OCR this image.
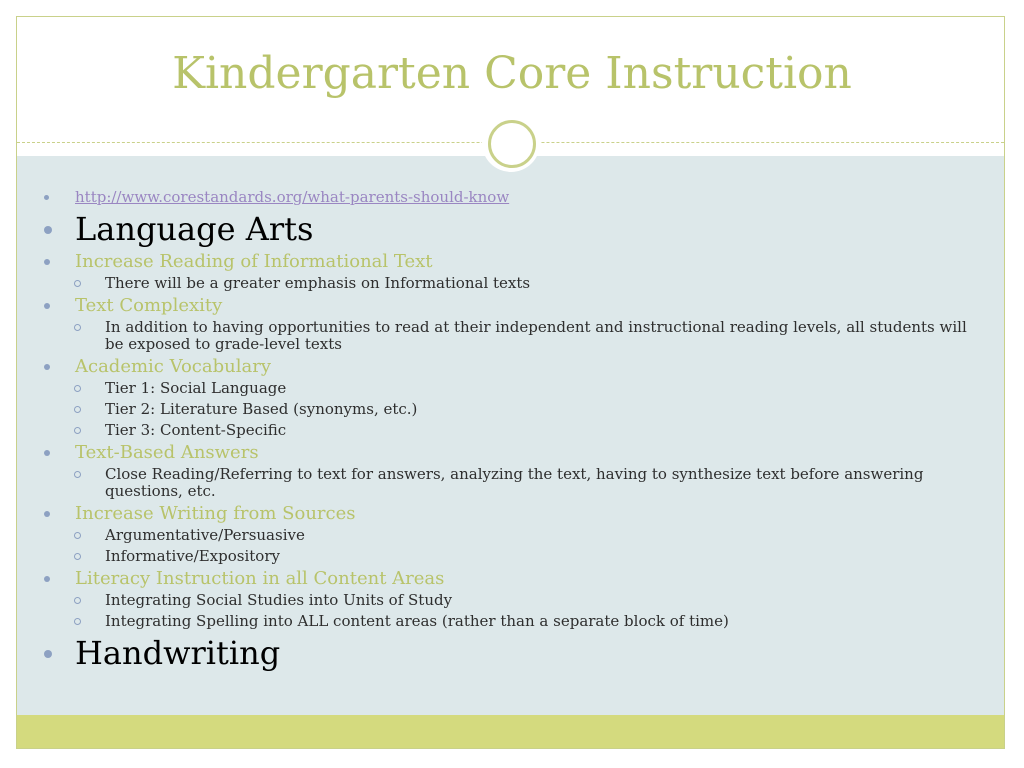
Kindergarten Core Instruction
http://www.corestandards.org/what-parents-should-know
Language Arts
Increase Reading of Informational Text
There will be a greater emphasis on Informational texts
Text Complexity
In addition to having opportunities to read at their independent and instructional reading levels, all students will be exposed to grade-level texts
Academic Vocabulary
Tier 1: Social Language
Tier 2: Literature Based (synonyms, etc.)
Tier 3: Content-Specific
Text-Based Answers
Close Reading/Referring to text for answers, analyzing the text, having to synthesize text before answering questions, etc.
Increase Writing from Sources
Argumentative/Persuasive
Informative/Expository
Literacy Instruction in all Content Areas
Integrating Social Studies into Units of Study
Integrating Spelling into ALL content areas (rather than a separate block of time)
Handwriting
